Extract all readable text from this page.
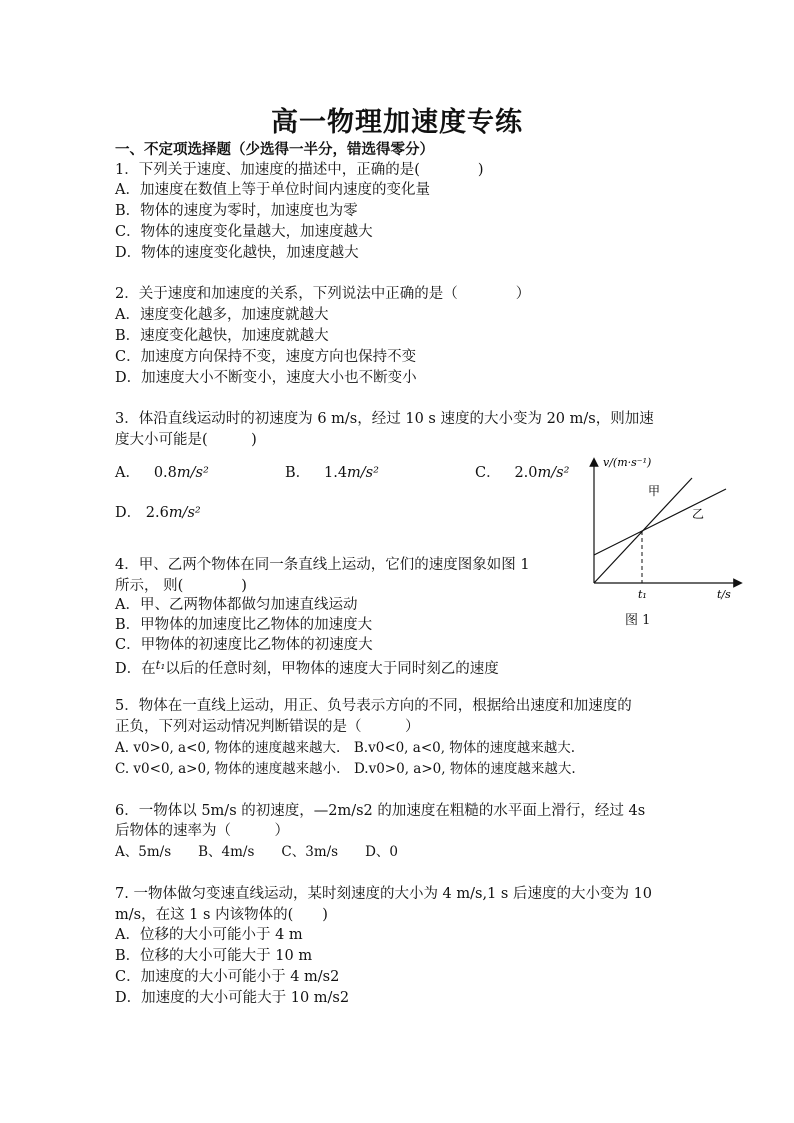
高一物理加速度专练
一、不定项选择题（少选得一半分，错选得零分）
1．下列关于速度、加速度的描述中，正确的是(　　　　)
A．加速度在数值上等于单位时间内速度的变化量
B．物体的速度为零时，加速度也为零
C．物体的速度变化量越大，加速度越大
D．物体的速度变化越快，加速度越大
2．关于速度和加速度的关系，下列说法中正确的是（　　　　）
A．速度变化越多，加速度就越大
B．速度变化越快，加速度就越大
C．加速度方向保持不变，速度方向也保持不变
D．加速度大小不断变小，速度大小也不断变小
3．体沿直线运动时的初速度为 6 m/s，经过 10 s 速度的大小变为 20 m/s，则加速
度大小可能是(　　　)
A． 0.8m/s²	B． 1.4m/s²	C． 2.0m/s²
D． 2.6m/s²
v/(m·s⁻¹)
甲
乙
t₁	t/s
图 1
4．甲、乙两个物体在同一条直线上运动，它们的速度图象如图 1
所示， 则(　　　　)
A．甲、乙两物体都做匀加速直线运动
B．甲物体的加速度比乙物体的加速度大
C．甲物体的初速度比乙物体的初速度大
D．在$^{t_1}$以后的任意时刻，甲物体的速度大于同时刻乙的速度
5．物体在一直线上运动，用正、负号表示方向的不同，根据给出速度和加速度的
正负，下列对运动情况判断错误的是（　　　）
A. v0>0, a<0, 物体的速度越来越大.　B.v0<0, a<0, 物体的速度越来越大.
C. v0<0, a>0, 物体的速度越来越小.　D.v0>0, a>0, 物体的速度越来越大.
6．一物体以 5m/s 的初速度，—2m/s2 的加速度在粗糙的水平面上滑行，经过 4s
后物体的速率为（　　　）
A、5m/s　　B、4m/s　　C、3m/s　　D、0
7. 一物体做匀变速直线运动，某时刻速度的大小为 4 m/s,1 s 后速度的大小变为 10
m/s，在这 1 s 内该物体的(　　)
A．位移的大小可能小于 4 m
B．位移的大小可能大于 10 m
C．加速度的大小可能小于 4 m/s2
D．加速度的大小可能大于 10 m/s2
